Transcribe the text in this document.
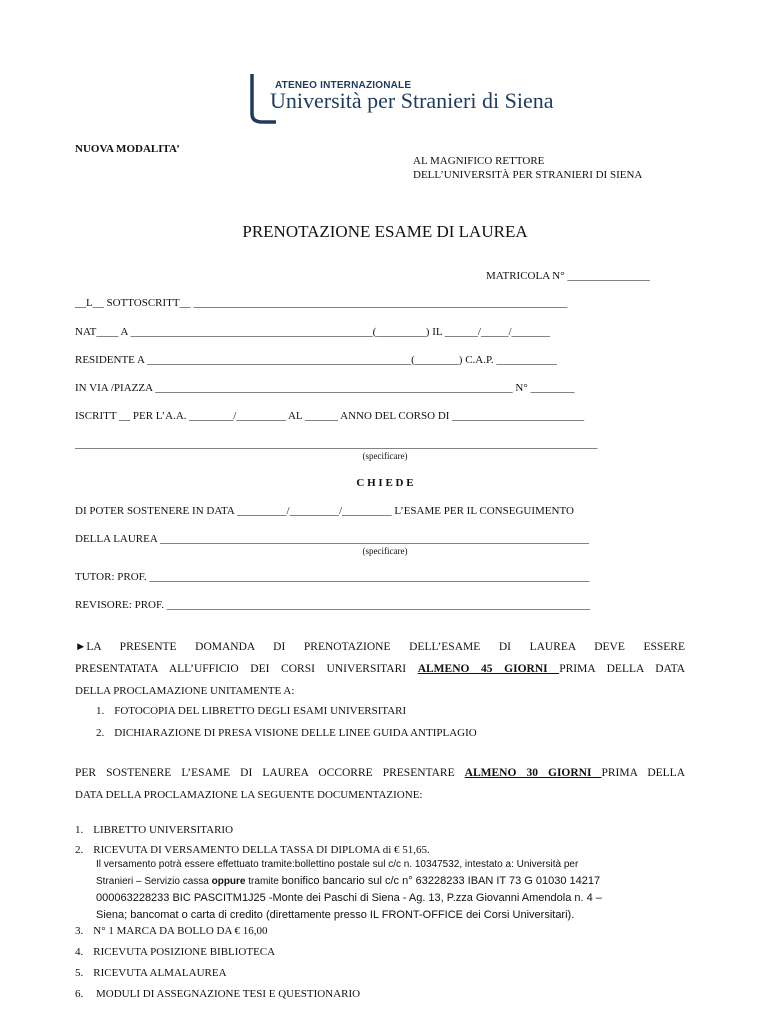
ATENEO INTERNAZIONALE
Università per Stranieri di Siena
NUOVA MODALITA’
AL MAGNIFICO RETTORE
DELL’UNIVERSITÀ PER STRANIERI DI SIENA
PRENOTAZIONE ESAME DI LAUREA
MATRICOLA N° _______________
__L__ SOTTOSCRITT__ ____________________________________________________________________
NAT____ A ____________________________________________(_________) IL ______/_____/_______
RESIDENTE A ________________________________________________(________) C.A.P. ___________
IN VIA /PIAZZA _________________________________________________________________ N° ________
ISCRITT __ PER L’A.A. ________/_________ AL ______ ANNO DEL CORSO DI ________________________
_______________________________________________________________________________________________
(specificare)
C H I E D E
DI POTER SOSTENERE IN DATA _________/_________/_________ L’ESAME PER IL CONSEGUIMENTO
DELLA LAUREA ______________________________________________________________________________
(specificare)
TUTOR: PROF. ________________________________________________________________________________
REVISORE: PROF. _____________________________________________________________________________
►LA PRESENTE DOMANDA DI PRENOTAZIONE DELL’ESAME DI LAUREA DEVE ESSERE
PRESENTATATA ALL’UFFICIO DEI CORSI UNIVERSITARI ALMENO 45 GIORNI PRIMA DELLA DATA
DELLA PROCLAMAZIONE UNITAMENTE A:
1. FOTOCOPIA DEL LIBRETTO DEGLI ESAMI UNIVERSITARI
2. DICHIARAZIONE DI PRESA VISIONE DELLE LINEE GUIDA ANTIPLAGIO
PER SOSTENERE L’ESAME DI LAUREA OCCORRE PRESENTARE ALMENO 30 GIORNI PRIMA DELLA
DATA DELLA PROCLAMAZIONE LA SEGUENTE DOCUMENTAZIONE:
1. LIBRETTO UNIVERSITARIO
2. RICEVUTA DI VERSAMENTO DELLA TASSA DI DIPLOMA di € 51,65.
Il versamento potrà essere effettuato tramite:bollettino postale sul c/c n. 10347532, intestato a: Università per
Stranieri – Servizio cassa oppure tramite bonifico bancario sul c/c n° 63228233 IBAN IT 73 G 01030 14217
000063228233 BIC PASCITM1J25 -Monte dei Paschi di Siena - Ag. 13, P.zza Giovanni Amendola n. 4 –
Siena; bancomat o carta di credito (direttamente presso IL FRONT-OFFICE dei Corsi Universitari).
3. N° 1 MARCA DA BOLLO DA € 16,00
4. RICEVUTA POSIZIONE BIBLIOTECA
5. RICEVUTA ALMALAUREA
6. MODULI DI ASSEGNAZIONE TESI E QUESTIONARIO
